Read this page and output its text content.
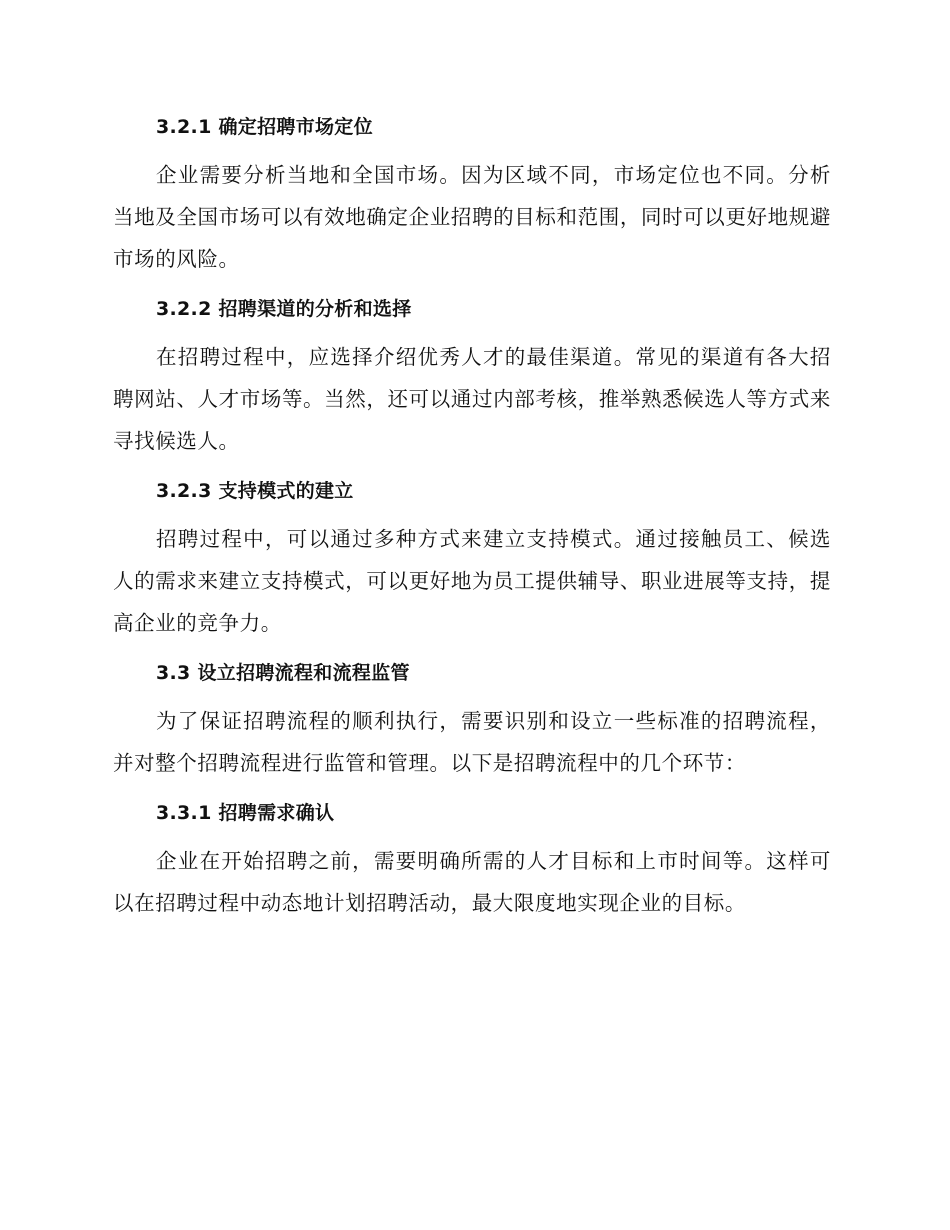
3.2.1 确定招聘市场定位
企业需要分析当地和全国市场。因为区域不同，市场定位也不同。分析当地及全国市场可以有效地确定企业招聘的目标和范围，同时可以更好地规避市场的风险。
3.2.2 招聘渠道的分析和选择
在招聘过程中，应选择介绍优秀人才的最佳渠道。常见的渠道有各大招聘网站、人才市场等。当然，还可以通过内部考核，推举熟悉候选人等方式来寻找候选人。
3.2.3 支持模式的建立
招聘过程中，可以通过多种方式来建立支持模式。通过接触员工、候选人的需求来建立支持模式，可以更好地为员工提供辅导、职业进展等支持，提高企业的竞争力。
3.3 设立招聘流程和流程监管
为了保证招聘流程的顺利执行，需要识别和设立一些标准的招聘流程，并对整个招聘流程进行监管和管理。以下是招聘流程中的几个环节：
3.3.1 招聘需求确认
企业在开始招聘之前，需要明确所需的人才目标和上市时间等。这样可以在招聘过程中动态地计划招聘活动，最大限度地实现企业的目标。
